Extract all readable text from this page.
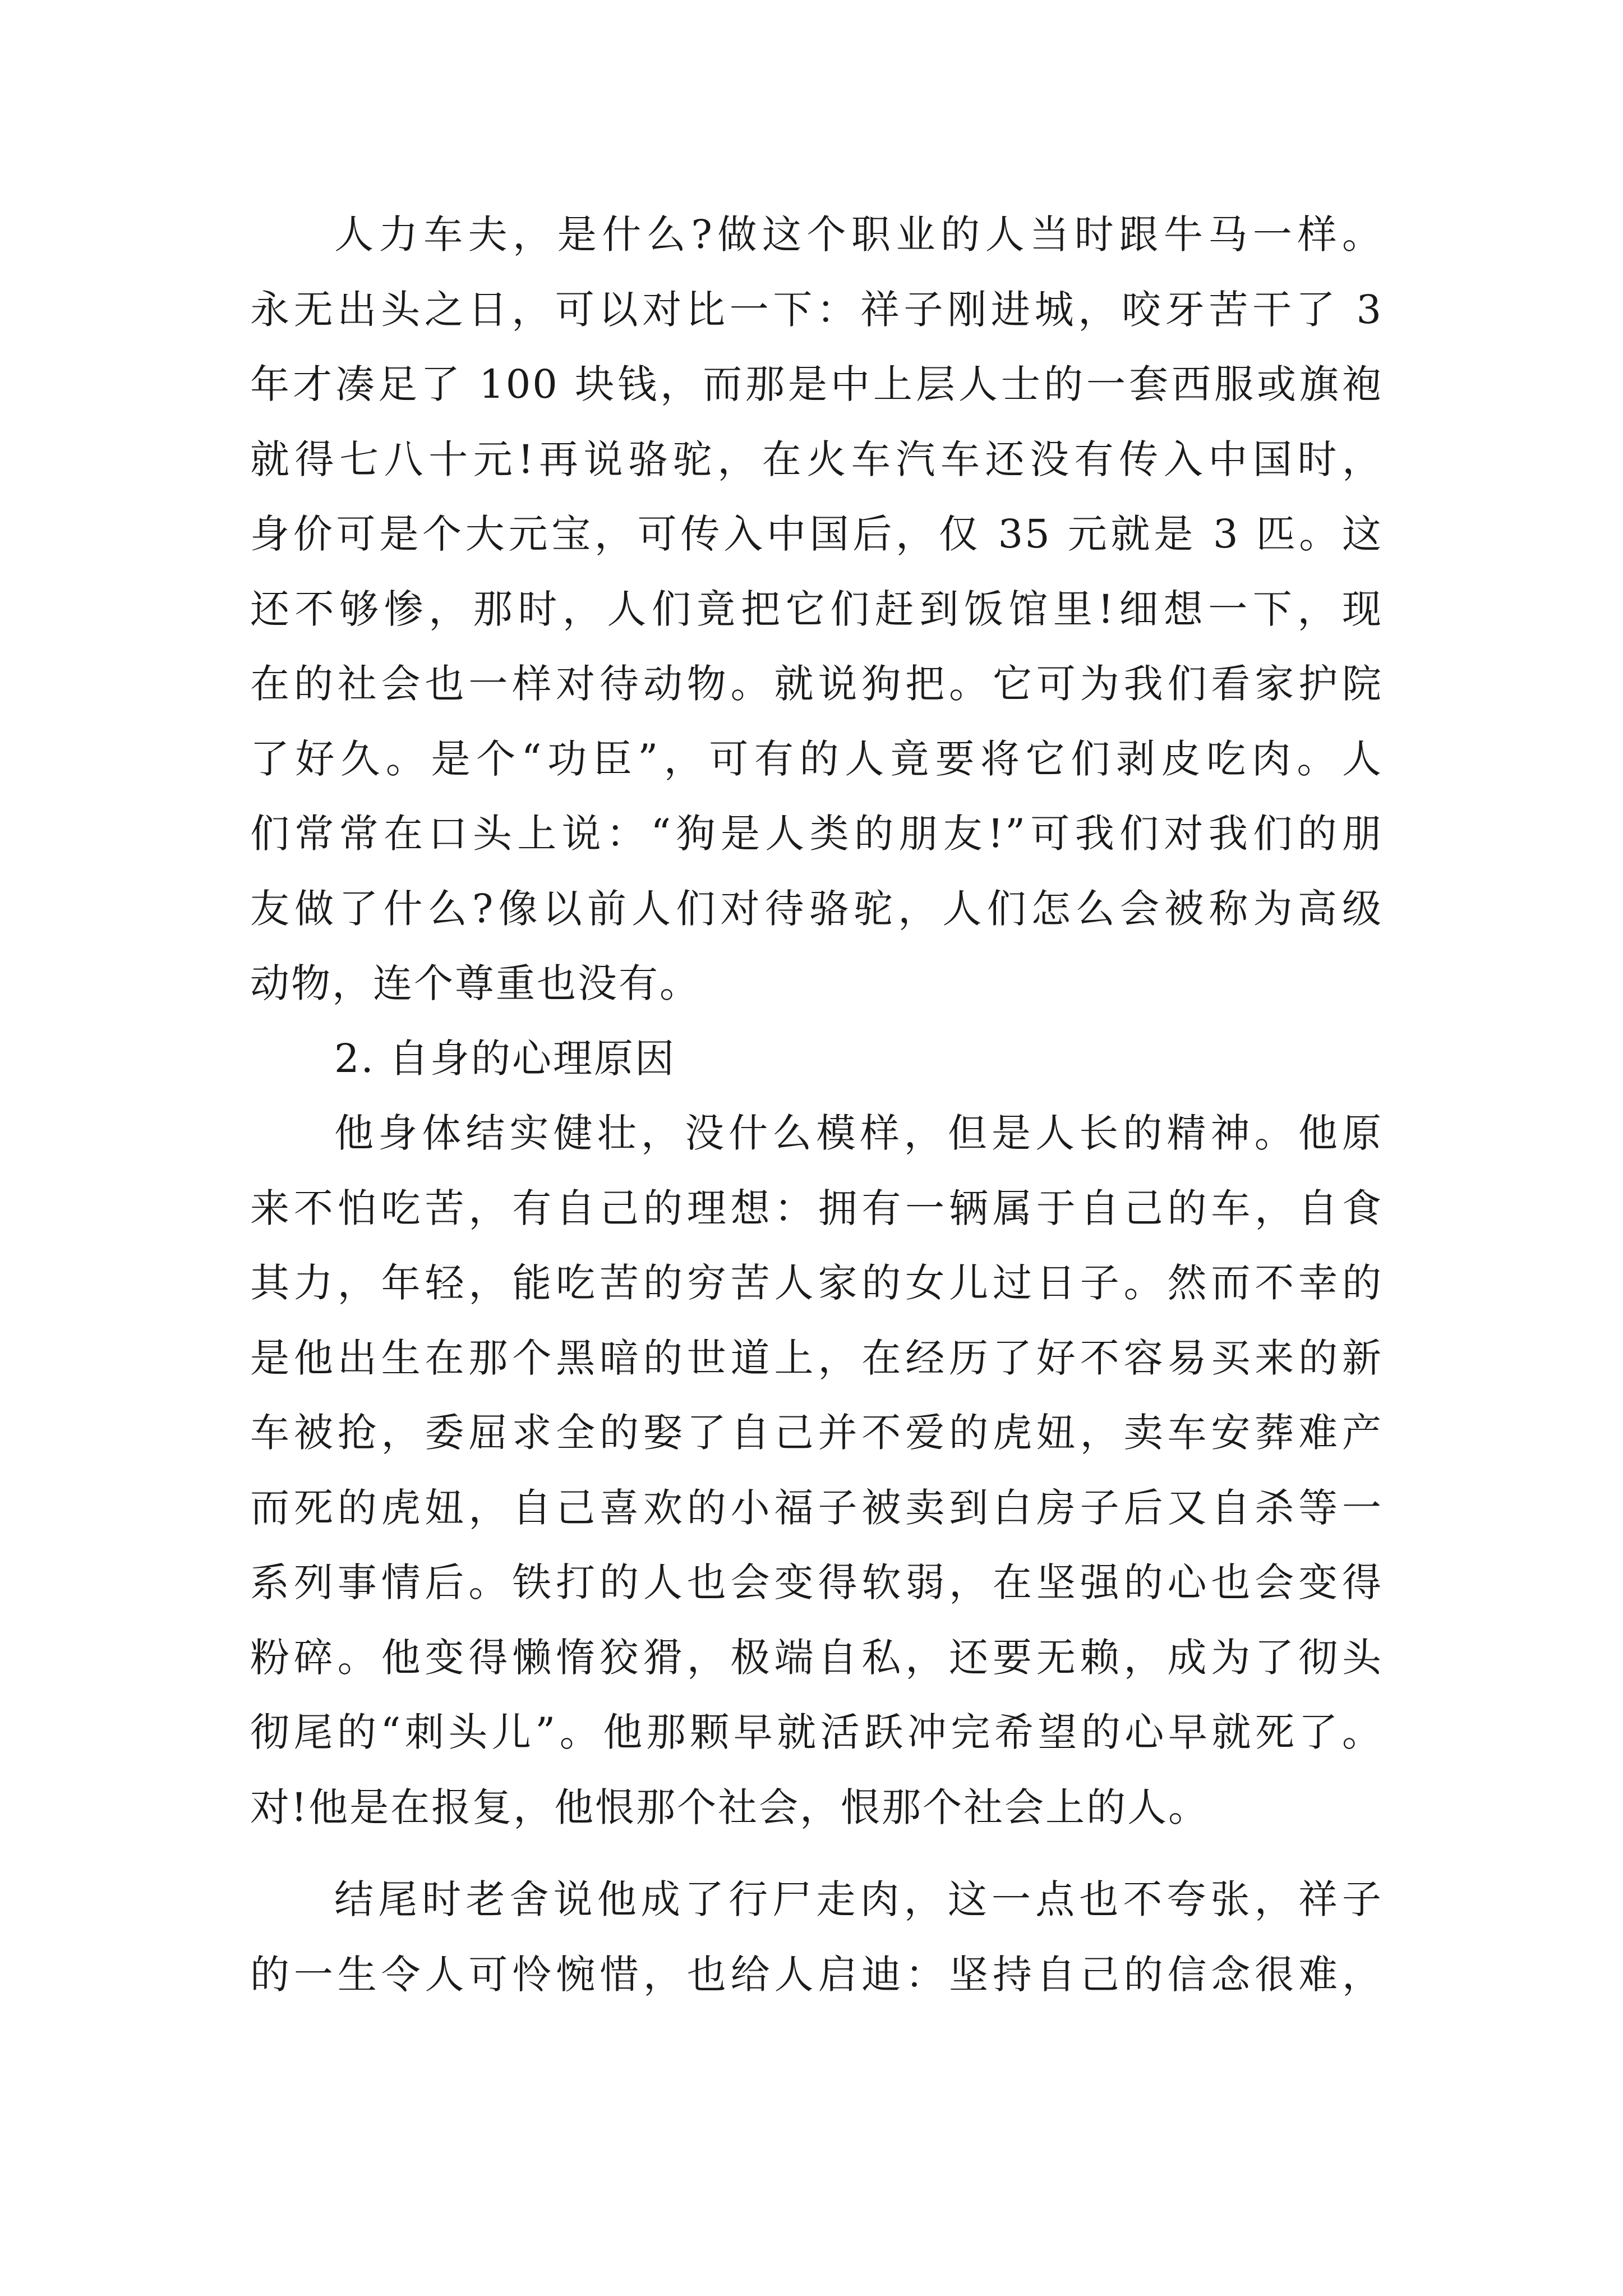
人力车夫，是什么?做这个职业的人当时跟牛马一样。
永无出头之日，可以对比一下：祥子刚进城，咬牙苦干了 3
年才凑足了 100 块钱，而那是中上层人士的一套西服或旗袍
就得七八十元!再说骆驼，在火车汽车还没有传入中国时，
身价可是个大元宝，可传入中国后，仅 35 元就是 3 匹。这
还不够惨，那时，人们竟把它们赶到饭馆里!细想一下，现
在的社会也一样对待动物。就说狗把。它可为我们看家护院
了好久。是个“功臣”，可有的人竟要将它们剥皮吃肉。人
们常常在口头上说：“狗是人类的朋友!”可我们对我们的朋
友做了什么?像以前人们对待骆驼，人们怎么会被称为高级
动物，连个尊重也没有。
2. 自身的心理原因
他身体结实健壮，没什么模样，但是人长的精神。他原
来不怕吃苦，有自己的理想：拥有一辆属于自己的车，自食
其力，年轻，能吃苦的穷苦人家的女儿过日子。然而不幸的
是他出生在那个黑暗的世道上，在经历了好不容易买来的新
车被抢，委屈求全的娶了自己并不爱的虎妞，卖车安葬难产
而死的虎妞，自己喜欢的小福子被卖到白房子后又自杀等一
系列事情后。铁打的人也会变得软弱，在坚强的心也会变得
粉碎。他变得懒惰狡猾，极端自私，还要无赖，成为了彻头
彻尾的“刺头儿”。他那颗早就活跃冲完希望的心早就死了。
对!他是在报复，他恨那个社会，恨那个社会上的人。
结尾时老舍说他成了行尸走肉，这一点也不夸张，祥子
的一生令人可怜惋惜，也给人启迪：坚持自己的信念很难，
